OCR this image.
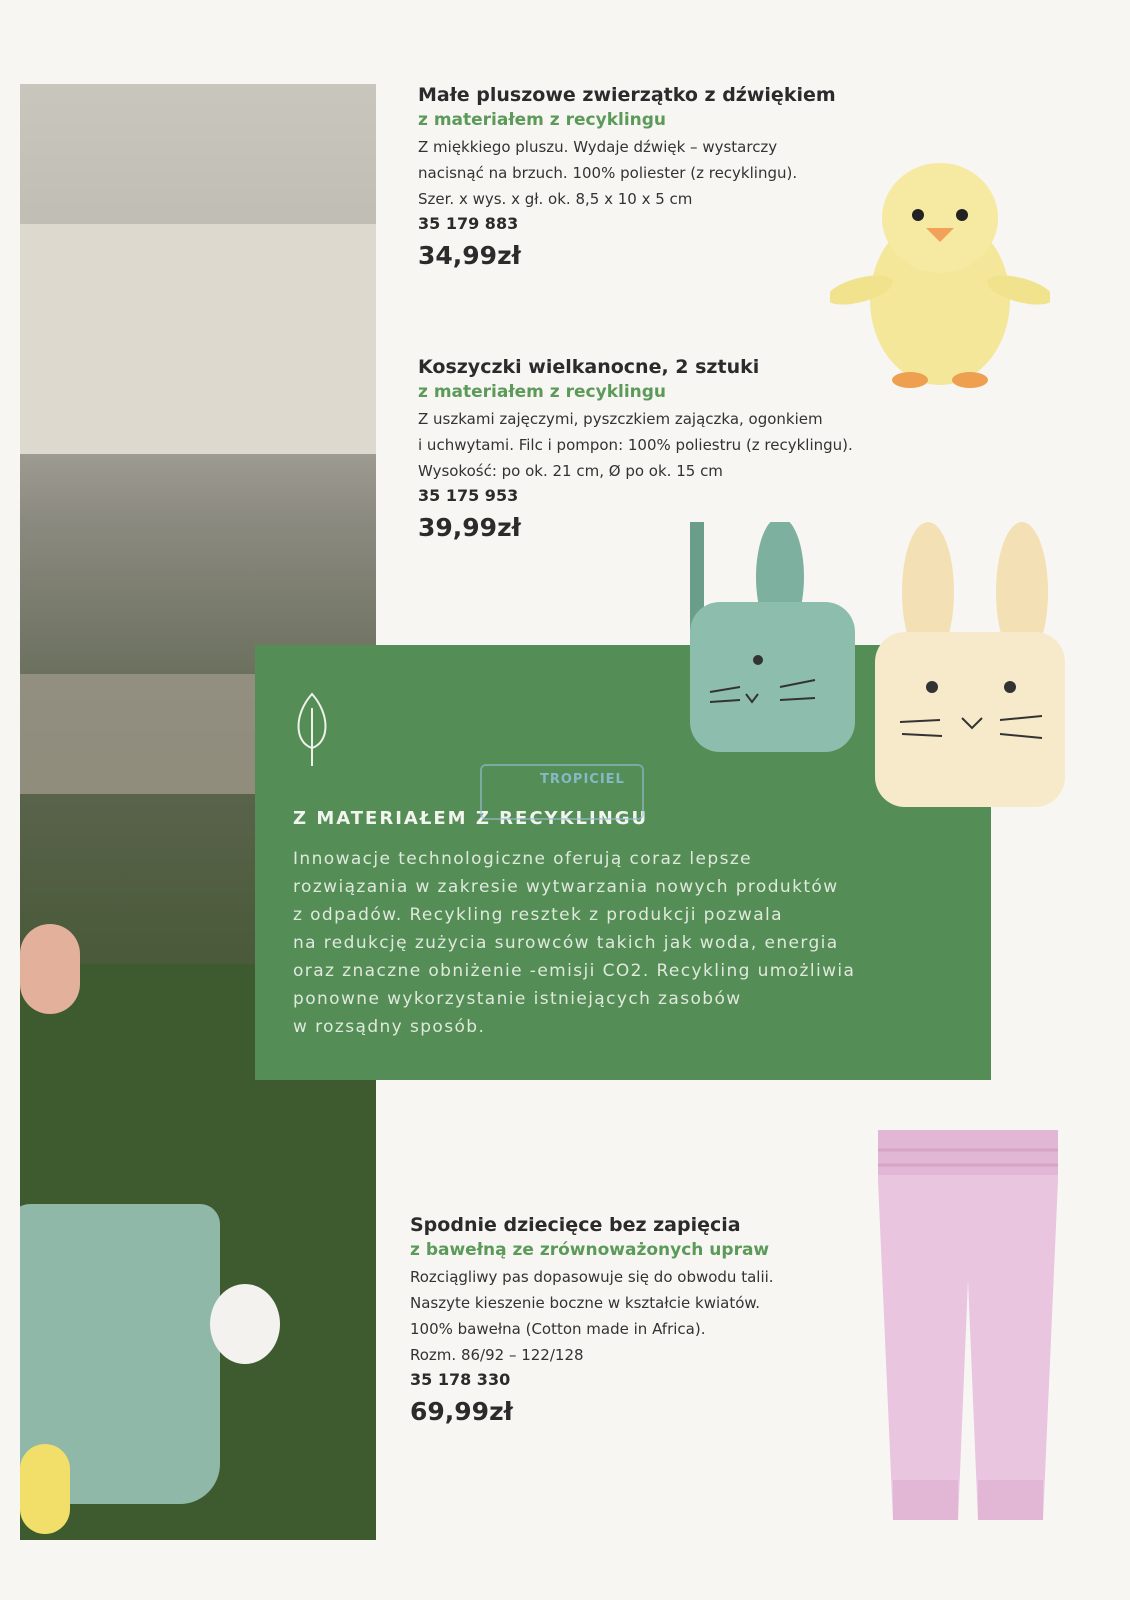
Małe pluszowe zwierzątko z dźwiękiem

z materiałem z recyklingu

Z miękkiego pluszu. Wydaje dźwięk – wystarczy

nacisnąć na brzuch. 100% poliester (z recyklingu).

Szer. x wys. x gł. ok. 8,5 x 10 x 5 cm

35 179 883

34,99zł

Koszyczki wielkanocne, 2 sztuki

z materiałem z recyklingu

Z uszkami zajęczymi, pyszczkiem zajączka, ogonkiem

i uchwytami. Filc i pompon: 100% poliestru (z recyklingu).

Wysokość: po ok. 21 cm, Ø po ok. 15 cm

35 175 953

39,99zł
Z MATERIAŁEM Z RECYKLINGU
Innowacje technologiczne oferują coraz lepsze
rozwiązania w zakresie wytwarzania nowych produktów
z odpadów. Recykling resztek z produkcji pozwala
na redukcję zużycia surowców takich jak woda, energia
oraz znaczne obniżenie -emisji CO2. Recykling umożliwia
ponowne wykorzystanie istniejących zasobów
w rozsądny sposób.
TROPICIEL

Spodnie dziecięce bez zapięcia

z bawełną ze zrównoważonych upraw

Rozciągliwy pas dopasowuje się do obwodu talii.

Naszyte kieszenie boczne w kształcie kwiatów.

100% bawełna (Cotton made in Africa).

Rozm. 86/92 – 122/128

35 178 330

69,99zł
